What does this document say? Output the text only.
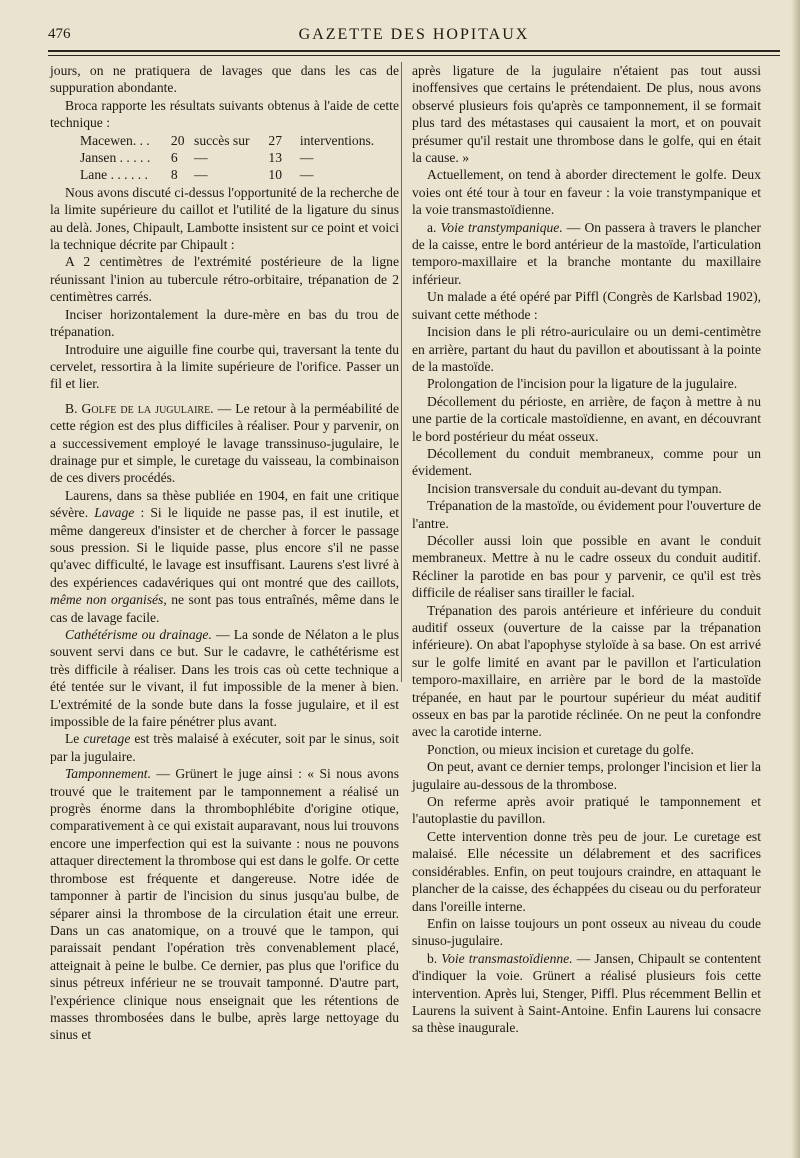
476	GAZETTE DES HOPITAUX

jours, on ne pratiquera de lavages que dans les cas de suppuration abondante.

Broca rapporte les résultats suivants obtenus à l'aide de cette technique :

Macewen. . .	20 succès sur	27	interventions.
Jansen . . . . .	6	—	13	—
Lane . . . . . .	8	—	10	—

Nous avons discuté ci-dessus l'opportunité de la recherche de la limite supérieure du caillot et l'utilité de la ligature du sinus au delà. Jones, Chipault, Lambotte insistent sur ce point et voici la technique décrite par Chipault :

A 2 centimètres de l'extrémité postérieure de la ligne réunissant l'inion au tubercule rétro-orbitaire, trépanation de 2 centimètres carrés.

Inciser horizontalement la dure-mère en bas du trou de trépanation.

Introduire une aiguille fine courbe qui, traversant la tente du cervelet, ressortira à la limite supérieure de l'orifice. Passer un fil et lier.

B. Golfe de la jugulaire. — Le retour à la perméabilité de cette région est des plus difficiles à réaliser. Pour y parvenir, on a successivement employé le lavage transsinuso-jugulaire, le drainage pur et simple, le curetage du vaisseau, la combinaison de ces divers procédés.

Laurens, dans sa thèse publiée en 1904, en fait une critique sévère. Lavage : Si le liquide ne passe pas, il est inutile, et même dangereux d'insister et de chercher à forcer le passage sous pression. Si le liquide passe, plus encore s'il ne passe qu'avec difficulté, le lavage est insuffisant. Laurens s'est livré à des expériences cadavériques qui ont montré que des caillots, même non organisés, ne sont pas tous entraînés, même dans le cas de lavage facile.

Cathétérisme ou drainage. — La sonde de Nélaton a le plus souvent servi dans ce but. Sur le cadavre, le cathétérisme est très difficile à réaliser. Dans les trois cas où cette technique a été tentée sur le vivant, il fut impossible de la mener à bien. L'extrémité de la sonde bute dans la fosse jugulaire, et il est impossible de la faire pénétrer plus avant.

Le curetage est très malaisé à exécuter, soit par le sinus, soit par la jugulaire.

Tamponnement. — Grünert le juge ainsi : « Si nous avons trouvé que le traitement par le tamponnement a réalisé un progrès énorme dans la thrombophlébite d'origine otique, comparativement à ce qui existait auparavant, nous lui trouvons encore une imperfection qui est la suivante : nous ne pouvons attaquer directement la thrombose qui est dans le golfe. Or cette thrombose est fréquente et dangereuse. Notre idée de tamponner à partir de l'incision du sinus jusqu'au bulbe, de séparer ainsi la thrombose de la circulation était une erreur. Dans un cas anatomique, on a trouvé que le tampon, qui paraissait pendant l'opération très convenablement placé, atteignait à peine le bulbe. Ce dernier, pas plus que l'orifice du sinus pétreux inférieur ne se trouvait tamponné. D'autre part, l'expérience clinique nous enseignait que les rétentions de masses thrombosées dans le bulbe, après large nettoyage du sinus et

après ligature de la jugulaire n'étaient pas tout aussi inoffensives que certains le prétendaient. De plus, nous avons observé plusieurs fois qu'après ce tamponnement, il se formait plus tard des métastases qui causaient la mort, et on pouvait présumer qu'il restait une thrombose dans le golfe, qui en était la cause. »

Actuellement, on tend à aborder directement le golfe. Deux voies ont été tour à tour en faveur : la voie transtympanique et la voie transmastoïdienne.

a. Voie transtympanique. — On passera à travers le plancher de la caisse, entre le bord antérieur de la mastoïde, l'articulation temporo-maxillaire et la branche montante du maxillaire inférieur.

Un malade a été opéré par Piffl (Congrès de Karlsbad 1902), suivant cette méthode :

Incision dans le pli rétro-auriculaire ou un demi-centimètre en arrière, partant du haut du pavillon et aboutissant à la pointe de la mastoïde.

Prolongation de l'incision pour la ligature de la jugulaire.

Décollement du périoste, en arrière, de façon à mettre à nu une partie de la corticale mastoïdienne, en avant, en découvrant le bord postérieur du méat osseux.

Décollement du conduit membraneux, comme pour un évidement.

Incision transversale du conduit au-devant du tympan.

Trépanation de la mastoïde, ou évidement pour l'ouverture de l'antre.

Décoller aussi loin que possible en avant le conduit membraneux. Mettre à nu le cadre osseux du conduit auditif. Récliner la parotide en bas pour y parvenir, ce qu'il est très difficile de réaliser sans tirailler le facial.

Trépanation des parois antérieure et inférieure du conduit auditif osseux (ouverture de la caisse par la trépanation inférieure). On abat l'apophyse styloïde à sa base. On est arrivé sur le golfe limité en avant par le pavillon et l'articulation temporo-maxillaire, en arrière par le bord de la mastoïde trépanée, en haut par le pourtour supérieur du méat auditif osseux en bas par la parotide réclinée. On ne peut la confondre avec la carotide interne.

Ponction, ou mieux incision et curetage du golfe.

On peut, avant ce dernier temps, prolonger l'incision et lier la jugulaire au-dessous de la thrombose.

On referme après avoir pratiqué le tamponnement et l'autoplastie du pavillon.

Cette intervention donne très peu de jour. Le curetage est malaisé. Elle nécessite un délabrement et des sacrifices considérables. Enfin, on peut toujours craindre, en attaquant le plancher de la caisse, des échappées du ciseau ou du perforateur dans l'oreille interne.

Enfin on laisse toujours un pont osseux au niveau du coude sinuso-jugulaire.

b. Voie transmastoïdienne. — Jansen, Chipault se contentent d'indiquer la voie. Grünert a réalisé plusieurs fois cette intervention. Après lui, Stenger, Piffl. Plus récemment Bellin et Laurens la suivent à Saint-Antoine. Enfin Laurens lui consacre sa thèse inaugurale.
